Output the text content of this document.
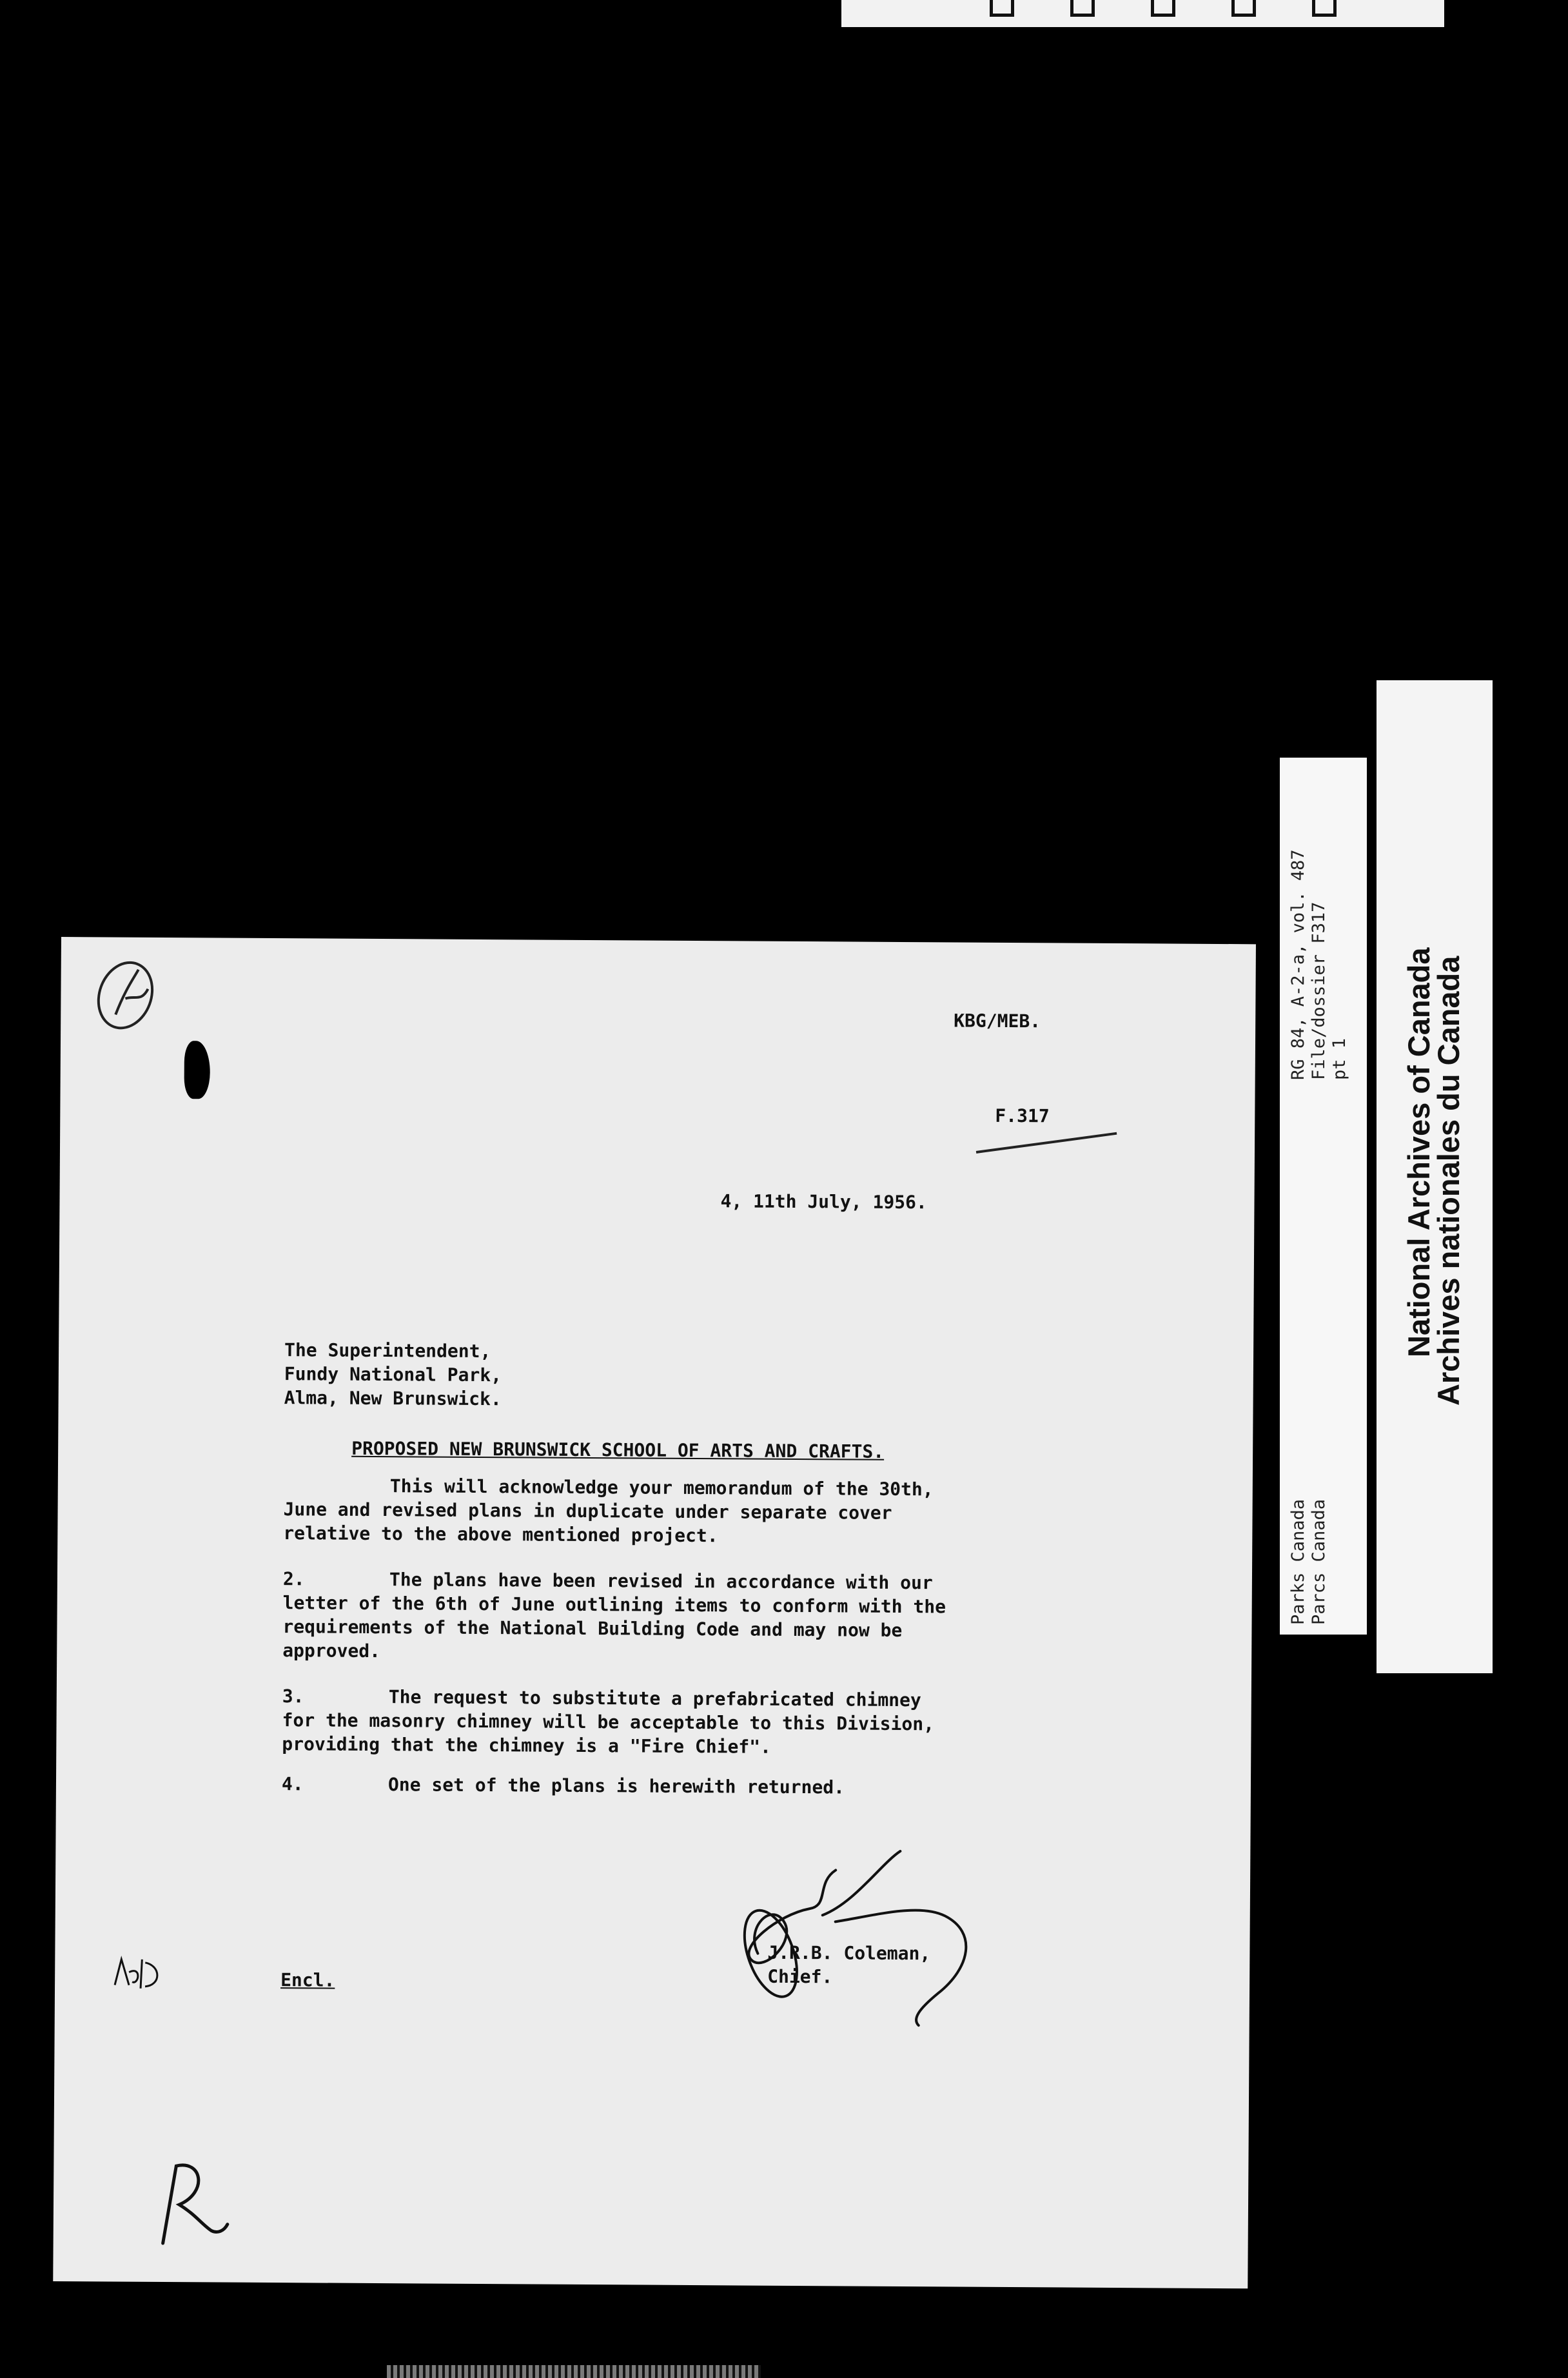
RG 84, A-2-a, vol. 487 File/dossier F317 pt 1
Parks Canada Parcs Canada
National Archives of Canada
Archives nationales du Canada
KBG/MEB.
F.317
4, 11th July, 1956.
The Superintendent,
Fundy National Park,
Alma, New Brunswick.
PROPOSED NEW BRUNSWICK SCHOOL OF ARTS AND CRAFTS.
This will acknowledge your memorandum of the 30th,
June and revised plans in duplicate under separate cover
relative to the above mentioned project.
2.	The plans have been revised in accordance with our
letter of the 6th of June outlining items to conform with the
requirements of the National Building Code and may now be
approved.
3.	The request to substitute a prefabricated chimney
for the masonry chimney will be acceptable to this Division,
providing that the chimney is a "Fire Chief".
4.	One set of the plans is herewith returned.
J.R.B. Coleman,
Chief.
Encl.
